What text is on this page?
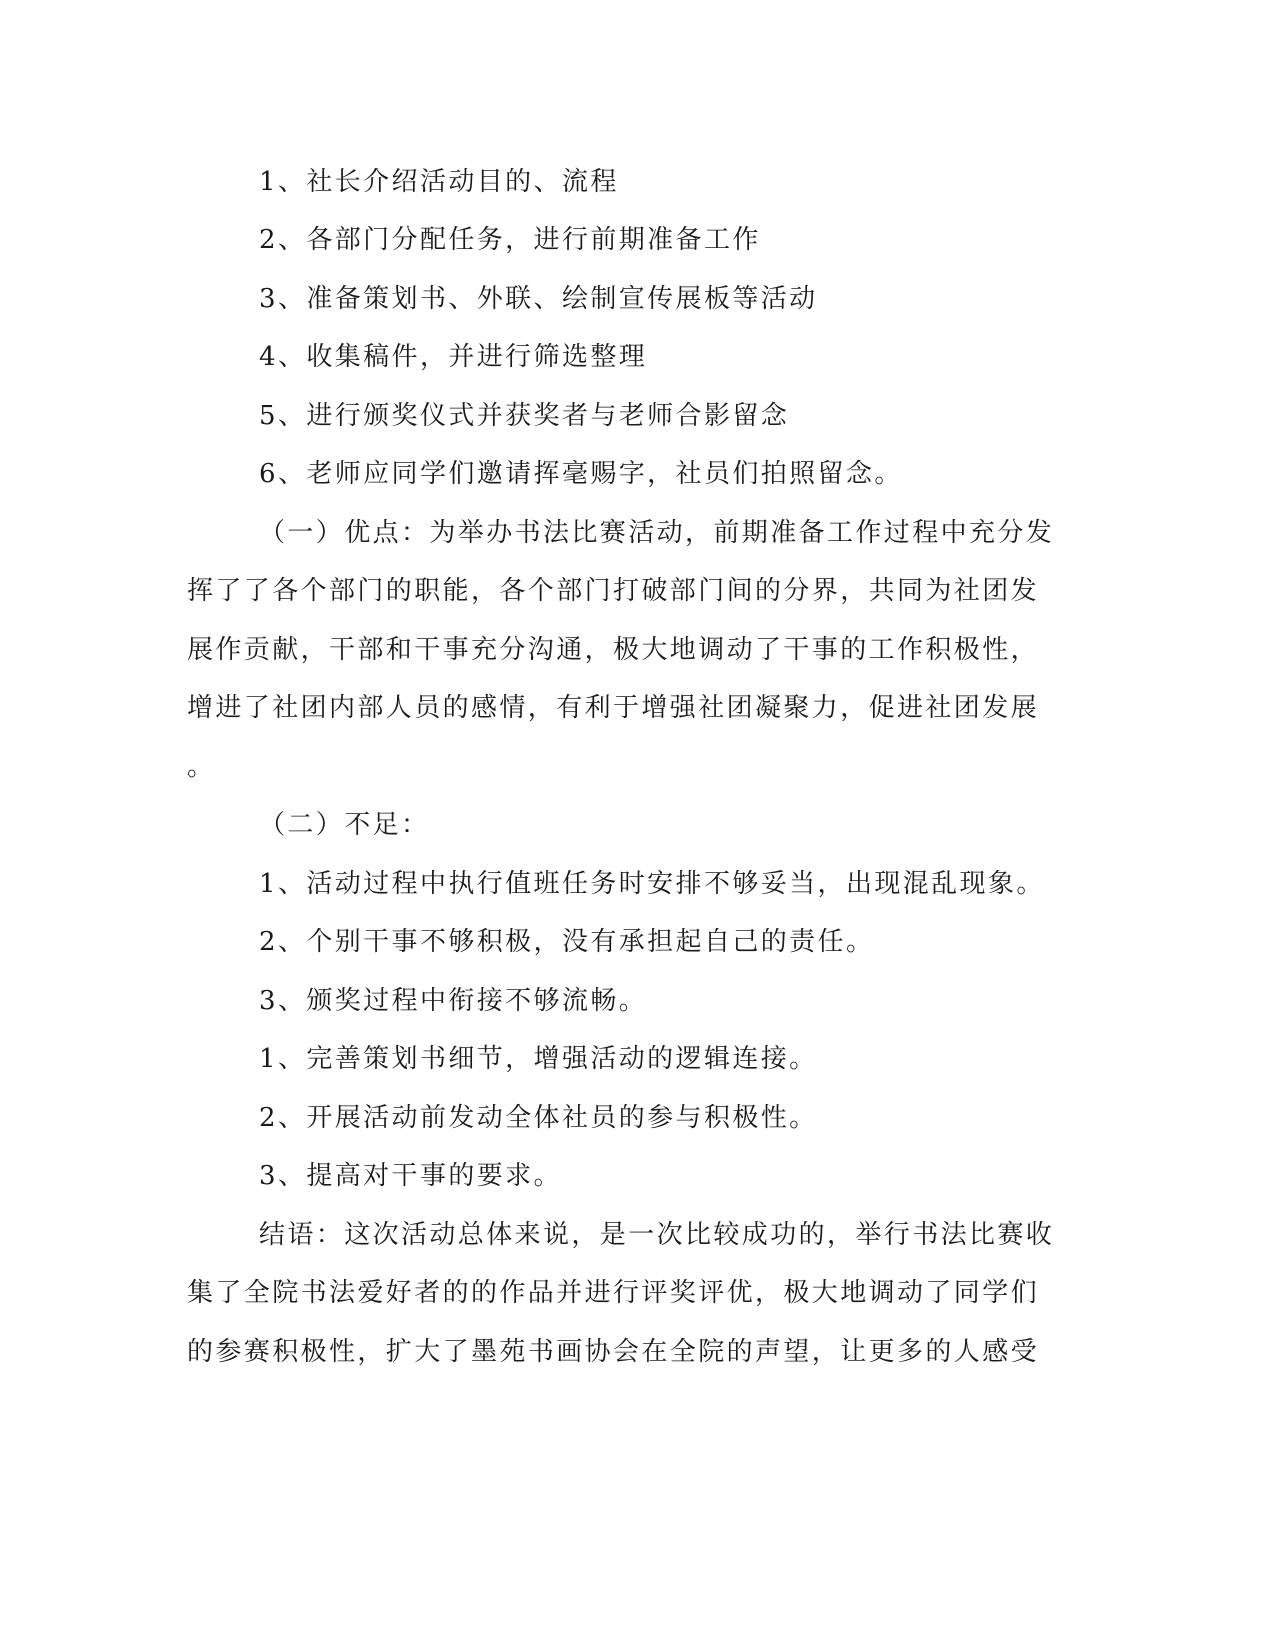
1、社长介绍活动目的、流程
2、各部门分配任务，进行前期准备工作
3、准备策划书、外联、绘制宣传展板等活动
4、收集稿件，并进行筛选整理
5、进行颁奖仪式并获奖者与老师合影留念
6、老师应同学们邀请挥毫赐字，社员们拍照留念。
（一）优点：为举办书法比赛活动，前期准备工作过程中充分发
挥了了各个部门的职能，各个部门打破部门间的分界，共同为社团发
展作贡献，干部和干事充分沟通，极大地调动了干事的工作积极性，
增进了社团内部人员的感情，有利于增强社团凝聚力，促进社团发展
。
（二）不足：
1、活动过程中执行值班任务时安排不够妥当，出现混乱现象。
2、个别干事不够积极，没有承担起自己的责任。
3、颁奖过程中衔接不够流畅。
1、完善策划书细节，增强活动的逻辑连接。
2、开展活动前发动全体社员的参与积极性。
3、提高对干事的要求。
结语：这次活动总体来说，是一次比较成功的，举行书法比赛收
集了全院书法爱好者的的作品并进行评奖评优，极大地调动了同学们
的参赛积极性，扩大了墨苑书画协会在全院的声望，让更多的人感受
